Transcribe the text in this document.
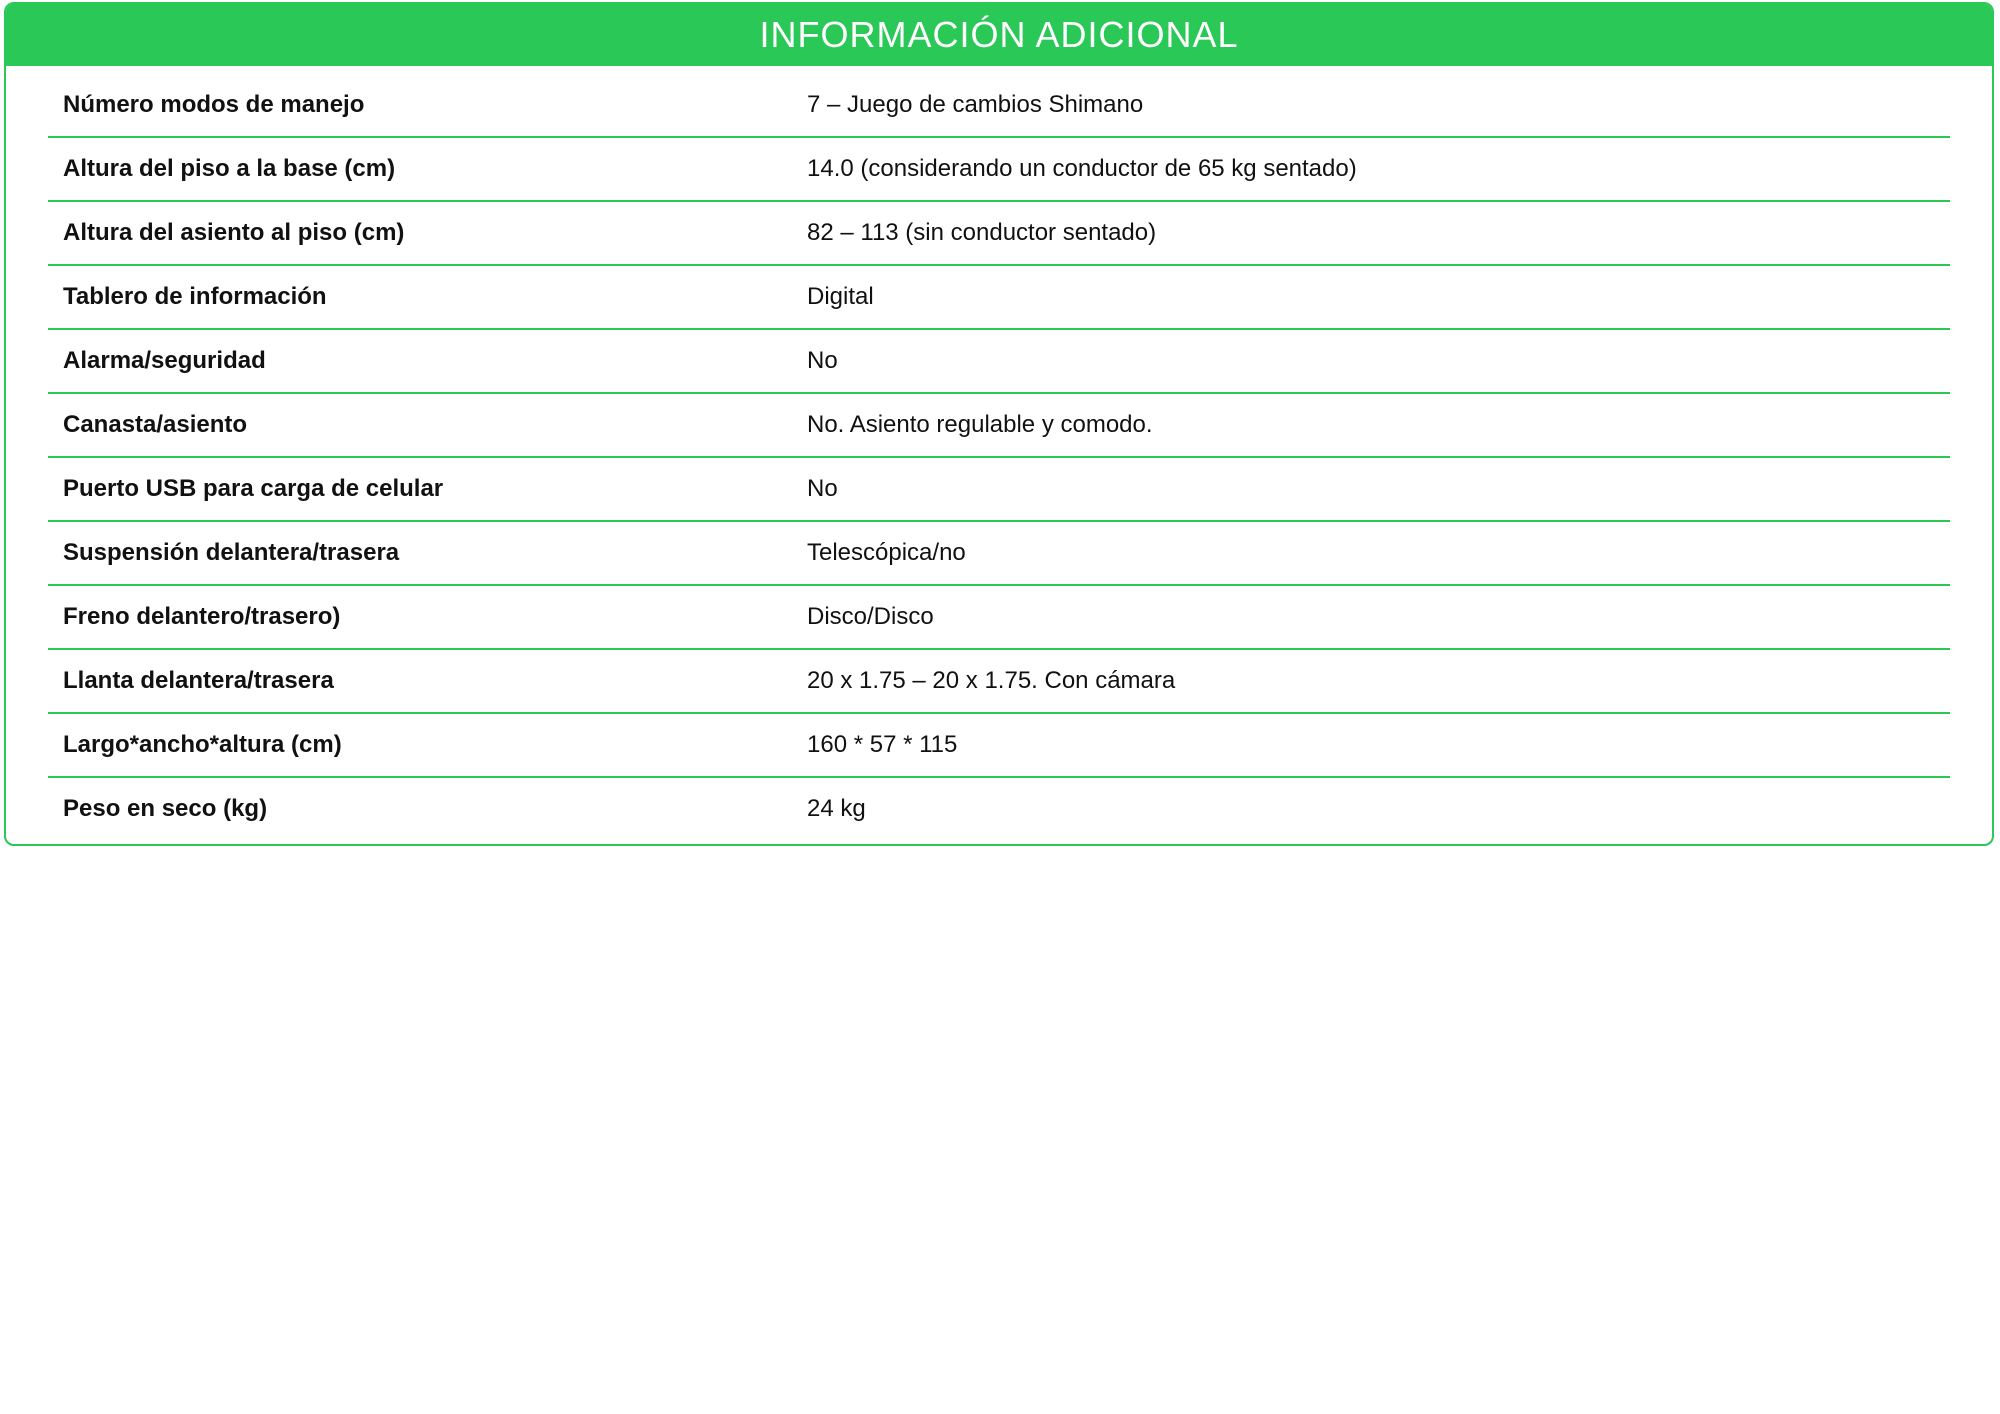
INFORMACIÓN ADICIONAL
Número modos de manejo	7 – Juego de cambios Shimano
Altura del piso a la base (cm)	14.0 (considerando un conductor de 65 kg sentado)
Altura del asiento al piso (cm)	82 – 113 (sin conductor sentado)
Tablero de información	Digital
Alarma/seguridad	No
Canasta/asiento	No. Asiento regulable y comodo.
Puerto USB para carga de celular	No
Suspensión delantera/trasera	Telescópica/no
Freno delantero/trasero)	Disco/Disco
Llanta delantera/trasera	20 x 1.75 – 20 x 1.75. Con cámara
Largo*ancho*altura (cm)	160 * 57 * 115
Peso en seco (kg)	24 kg
